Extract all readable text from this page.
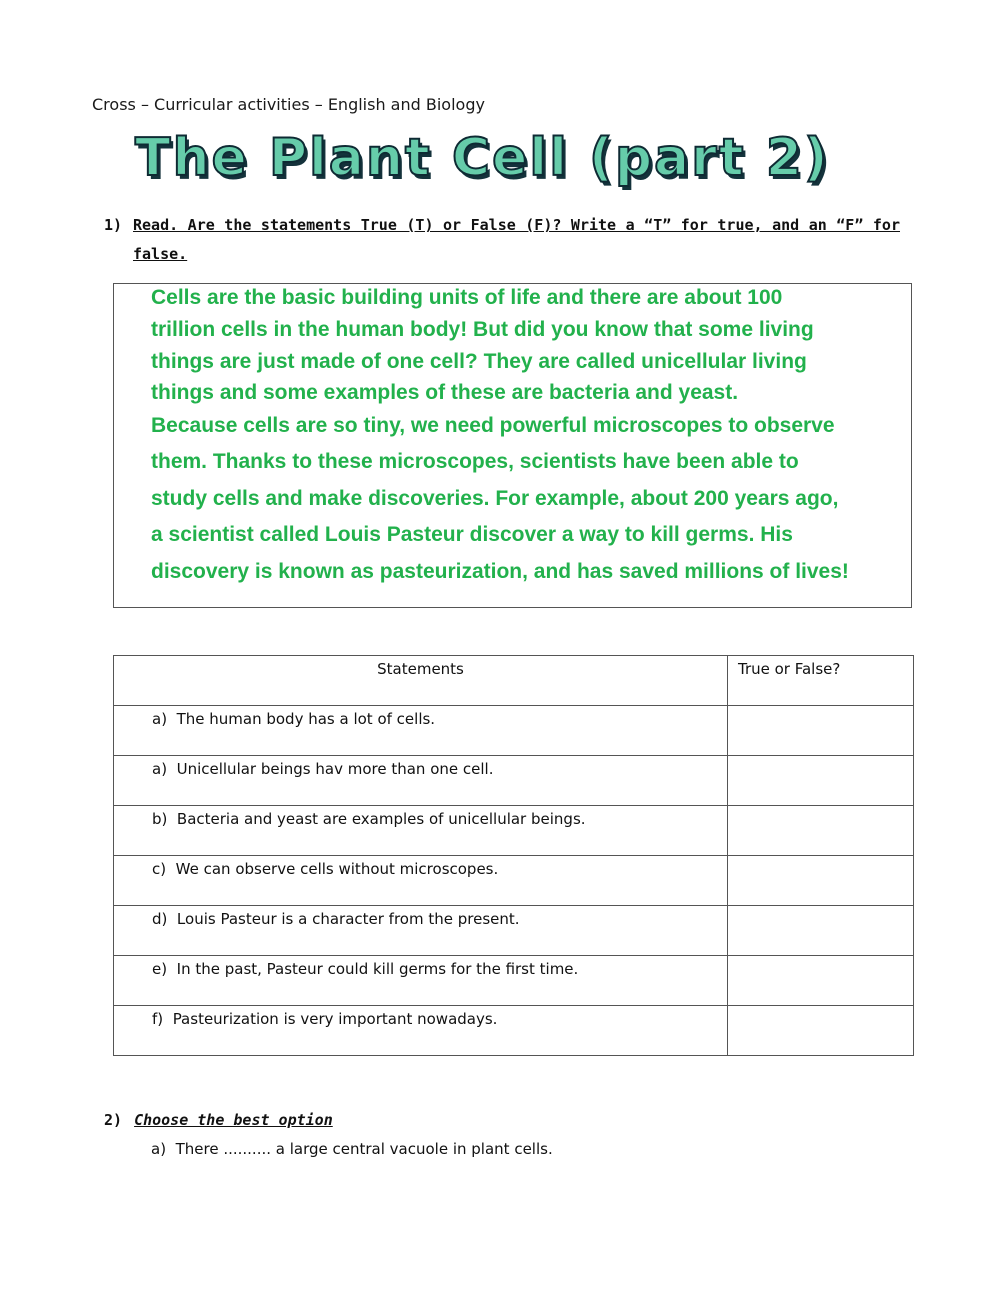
Cross – Curricular activities – English and Biology
The Plant Cell (part 2)
1) Read. Are the statements True (T) or False (F)? Write a “T” for true, and an “F” for false.

Cells are the basic building units of life and there are about 100

trillion cells in the human body! But did you know that some living

things are just made of one cell? They are called unicellular living

things and some examples of these are bacteria and yeast.

Because cells are so tiny, we need powerful microscopes to observe

them. Thanks to these microscopes, scientists have been able to

study cells and make discoveries. For example, about 200 years ago,

a scientist called Louis Pasteur discover a way to kill germs. His

discovery is known as pasteurization, and has saved millions of lives!

Statements	True or False?
a) The human body has a lot of cells.	
a) Unicellular beings hav more than one cell.	
b) Bacteria and yeast are examples of unicellular beings.	
c) We can observe cells without microscopes.	
d) Louis Pasteur is a character from the present.	
e) In the past, Pasteur could kill germs for the first time.	
f) Pasteurization is very important nowadays.	
2) Choose the best option
a) There .......... a large central vacuole in plant cells.
